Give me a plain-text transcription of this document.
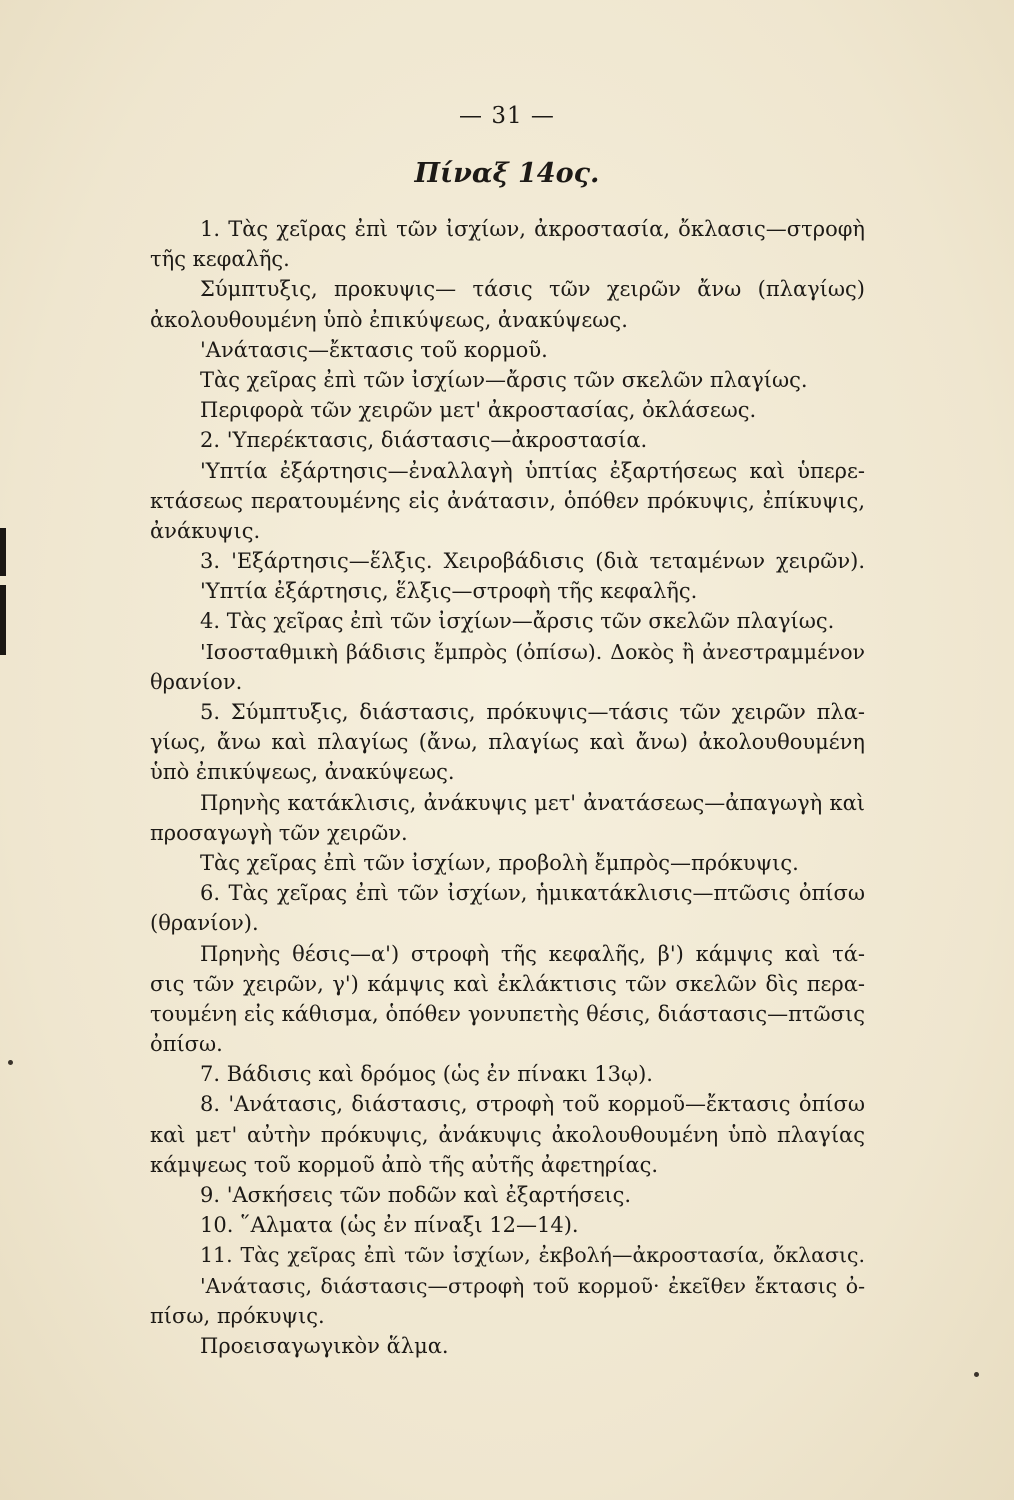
— 31 —
Πίναξ 14ος.
1. Τὰς χεῖρας ἐπὶ τῶν ἰσχίων, ἀκροστασία, ὄκλασις—στροφὴ
τῆς κεφαλῆς.
Σύμπτυξις, προκυψις— τάσις τῶν χειρῶν ἄνω (πλαγίως)
ἀκολουθουμένη ὑπὸ ἐπικύψεως, ἀνακύψεως.
'Ανάτασις—ἔκτασις τοῦ κορμοῦ.
Τὰς χεῖρας ἐπὶ τῶν ἰσχίων—ἄρσις τῶν σκελῶν πλαγίως.
Περιφορὰ τῶν χειρῶν μετ' ἀκροστασίας, ὀκλάσεως.
2. 'Υπερέκτασις, διάστασις—ἀκροστασία.
'Υπτία ἐξάρτησις—ἐναλλαγὴ ὑπτίας ἐξαρτήσεως καὶ ὑπερε-
κτάσεως περατουμένης εἰς ἀνάτασιν, ὁπόθεν πρόκυψις, ἐπίκυψις,
ἀνάκυψις.
3. 'Εξάρτησις—ἕλξις. Χειροβάδισις (διὰ τεταμένων χειρῶν).
'Υπτία ἐξάρτησις, ἕλξις—στροφὴ τῆς κεφαλῆς.
4. Τὰς χεῖρας ἐπὶ τῶν ἰσχίων—ἄρσις τῶν σκελῶν πλαγίως.
'Ισοσταθμικὴ βάδισις ἔμπρὸς (ὀπίσω). Δοκὸς ἢ ἀνεστραμμένον
θρανίον.
5. Σύμπτυξις, διάστασις, πρόκυψις—τάσις τῶν χειρῶν πλα-
γίως, ἄνω καὶ πλαγίως (ἄνω, πλαγίως καὶ ἄνω) ἀκολουθουμένη
ὑπὸ ἐπικύψεως, ἀνακύψεως.
Πρηνὴς κατάκλισις, ἀνάκυψις μετ' ἀνατάσεως—ἀπαγωγὴ καὶ
προσαγωγὴ τῶν χειρῶν.
Τὰς χεῖρας ἐπὶ τῶν ἰσχίων, προβολὴ ἔμπρὸς—πρόκυψις.
6. Τὰς χεῖρας ἐπὶ τῶν ἰσχίων, ἡμικατάκλισις—πτῶσις ὀπίσω
(θρανίον).
Πρηνὴς θέσις—α') στροφὴ τῆς κεφαλῆς, β') κάμψις καὶ τά-
σις τῶν χειρῶν, γ') κάμψις καὶ ἐκλάκτισις τῶν σκελῶν δὶς περα-
τουμένη εἰς κάθισμα, ὁπόθεν γονυπετὴς θέσις, διάστασις—πτῶσις
ὀπίσω.
7. Βάδισις καὶ δρόμος (ὡς ἐν πίνακι 13ῳ).
8. 'Ανάτασις, διάστασις, στροφὴ τοῦ κορμοῦ—ἔκτασις ὀπίσω
καὶ μετ' αὐτὴν πρόκυψις, ἀνάκυψις ἀκολουθουμένη ὑπὸ πλαγίας
κάμψεως τοῦ κορμοῦ ἀπὸ τῆς αὐτῆς ἀφετηρίας.
9. 'Ασκήσεις τῶν ποδῶν καὶ ἐξαρτήσεις.
10. ῞Αλματα (ὡς ἐν πίναξι 12—14).
11. Τὰς χεῖρας ἐπὶ τῶν ἰσχίων, ἐκβολή—ἀκροστασία, ὄκλασις.
'Ανάτασις, διάστασις—στροφὴ τοῦ κορμοῦ· ἐκεῖθεν ἔκτασις ὀ-
πίσω, πρόκυψις.
Προεισαγωγικὸν ἅλμα.
